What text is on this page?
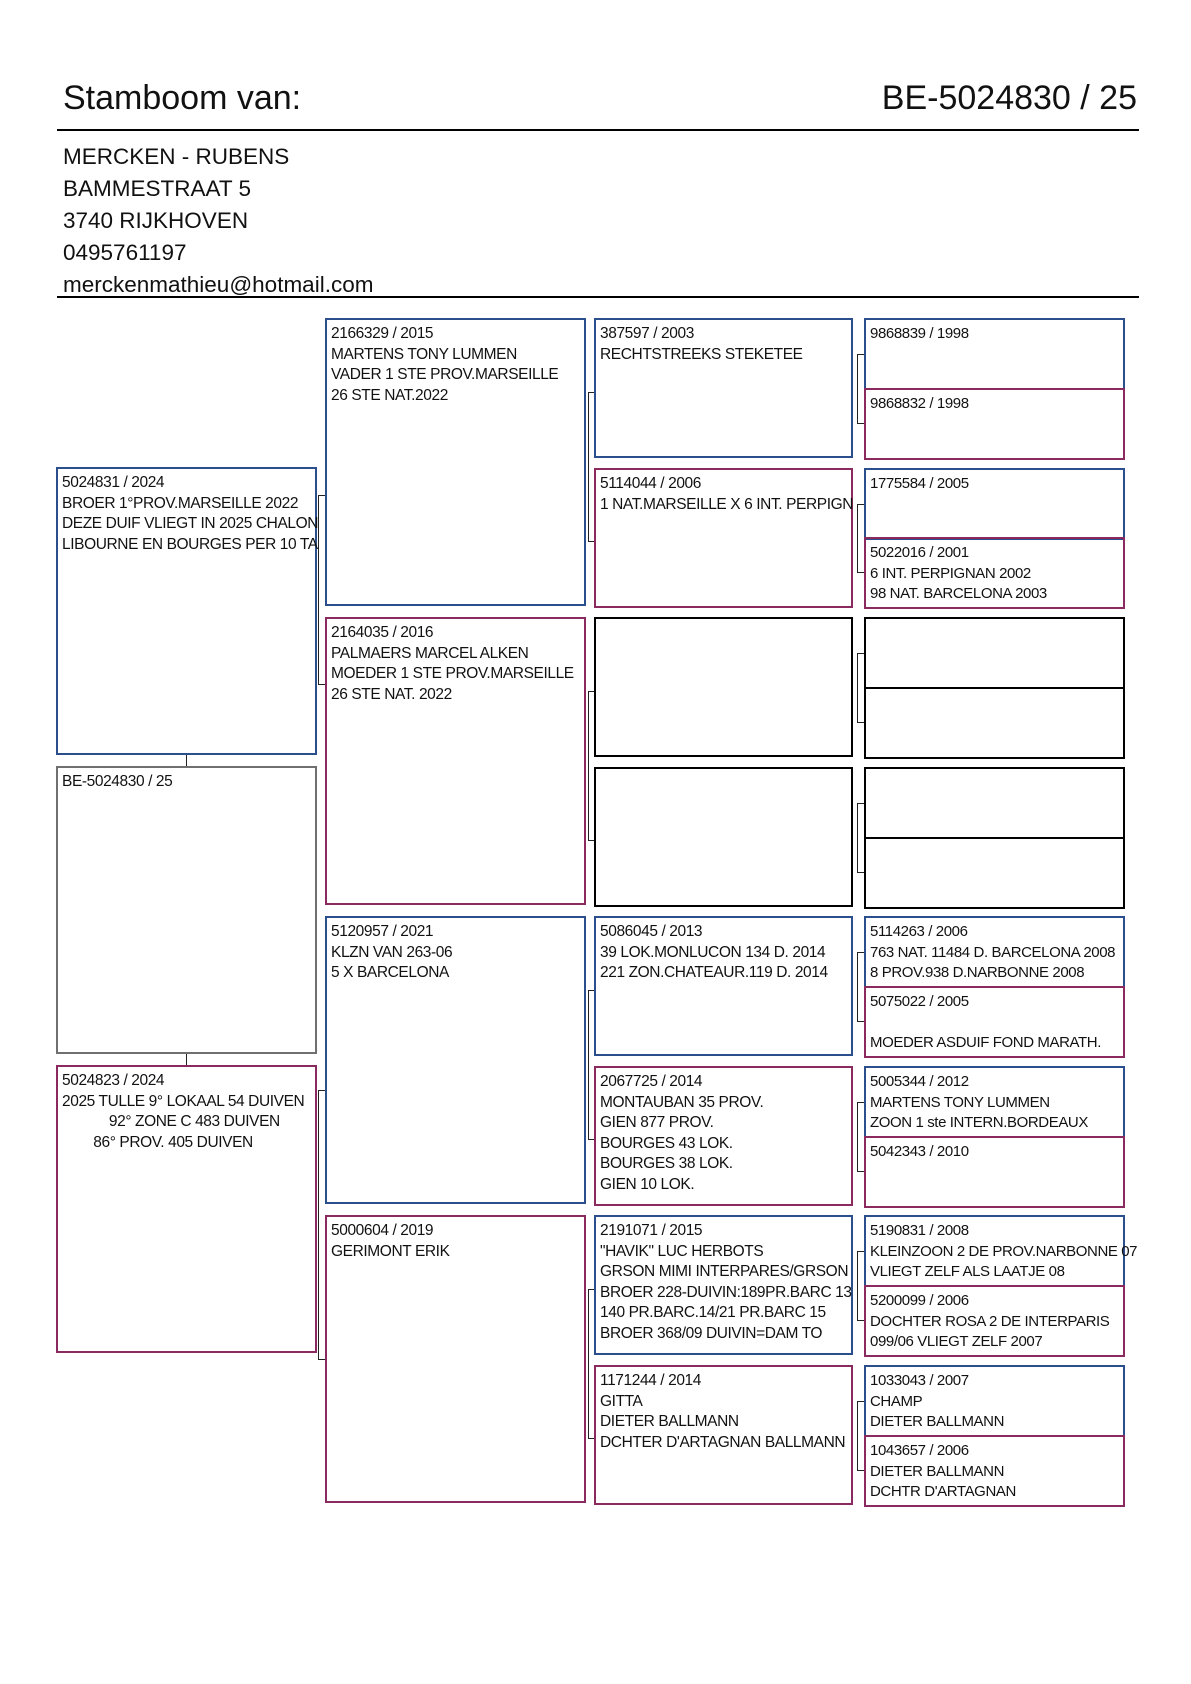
Stamboom van:	BE-5024830 / 25
MERCKEN - RUBENS
BAMMESTRAAT 5
3740 RIJKHOVEN
0495761197
merckenmathieu@hotmail.com
5024831 / 2024
BROER 1°PROV.MARSEILLE 2022
DEZE DUIF VLIEGT IN 2025 CHALON
LIBOURNE EN BOURGES PER 10 TA
BE-5024830 / 25
5024823 / 2024
2025 TULLE 9° LOKAAL 54 DUIVEN
92° ZONE C 483 DUIVEN
86° PROV. 405 DUIVEN
2166329 / 2015
MARTENS TONY LUMMEN
VADER 1 STE PROV.MARSEILLE
26 STE NAT.2022
2164035 / 2016
PALMAERS MARCEL ALKEN
MOEDER 1 STE PROV.MARSEILLE
26 STE NAT. 2022
5120957 / 2021
KLZN VAN 263-06
5 X BARCELONA
5000604 / 2019
GERIMONT ERIK
387597 / 2003
RECHTSTREEKS STEKETEE
5114044 / 2006
1 NAT.MARSEILLE X 6 INT. PERPIGN
5086045 / 2013
39 LOK.MONLUCON 134 D. 2014
221 ZON.CHATEAUR.119 D. 2014
2067725 / 2014
MONTAUBAN 35 PROV.
GIEN 877 PROV.
BOURGES 43 LOK.
BOURGES 38 LOK.
GIEN 10 LOK.
2191071 / 2015
"HAVIK" LUC HERBOTS
GRSON MIMI INTERPARES/GRSON
BROER 228-DUIVIN:189PR.BARC 13
140 PR.BARC.14/21 PR.BARC 15
BROER 368/09 DUIVIN=DAM TO
1171244 / 2014
GITTA
DIETER BALLMANN
DCHTER D'ARTAGNAN BALLMANN
9868839 / 1998
9868832 / 1998
1775584 / 2005
5022016 / 2001
6 INT. PERPIGNAN 2002
98 NAT. BARCELONA 2003
5114263 / 2006
763 NAT. 11484 D. BARCELONA 2008
8 PROV.938 D.NARBONNE 2008
5075022 / 2005

MOEDER ASDUIF FOND MARATH.
5005344 / 2012
MARTENS TONY LUMMEN
ZOON 1 ste INTERN.BORDEAUX
5042343 / 2010
5190831 / 2008
KLEINZOON 2 DE PROV.NARBONNE 07
VLIEGT ZELF ALS LAATJE 08
5200099 / 2006
DOCHTER ROSA 2 DE INTERPARIS
099/06 VLIEGT ZELF 2007
1033043 / 2007
CHAMP
DIETER BALLMANN
1043657 / 2006
DIETER BALLMANN
DCHTR D'ARTAGNAN
